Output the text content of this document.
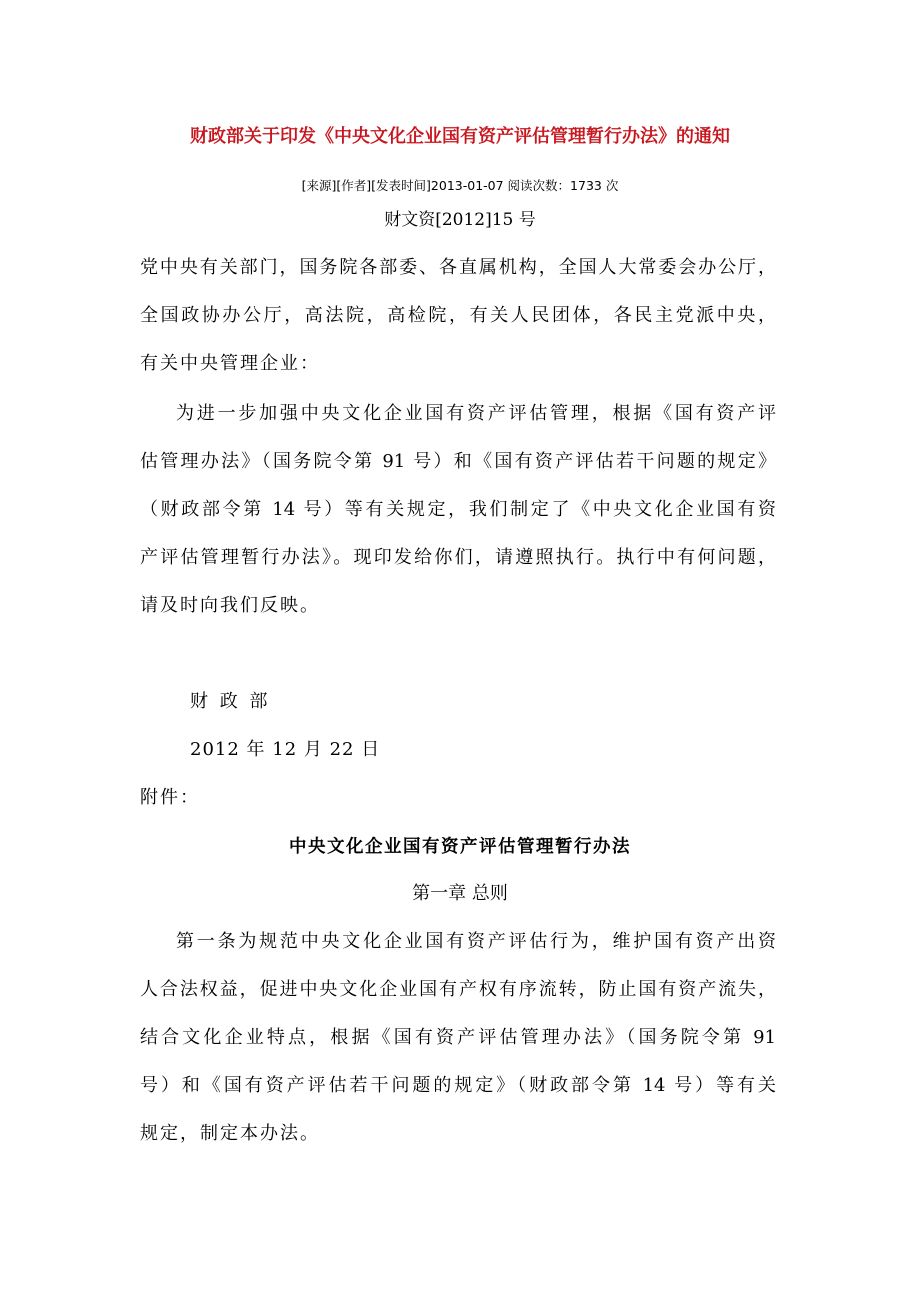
财政部关于印发《中央文化企业国有资产评估管理暂行办法》的通知
[来源][作者][发表时间]2013-01-07 阅读次数：1733 次
财文资[2012]15 号
党中央有关部门，国务院各部委、各直属机构，全国人大常委会办公厅，
全国政协办公厅，高法院，高检院，有关人民团体，各民主党派中央，
有关中央管理企业：
为进一步加强中央文化企业国有资产评估管理，根据《国有资产评
估管理办法》（国务院令第 91 号）和《国有资产评估若干问题的规定》
（财政部令第 14 号）等有关规定，我们制定了《中央文化企业国有资
产评估管理暂行办法》。现印发给你们，请遵照执行。执行中有何问题，
请及时向我们反映。
财 政 部
2012 年 12 月 22 日
附件：
中央文化企业国有资产评估管理暂行办法
第一章 总则
第一条为规范中央文化企业国有资产评估行为，维护国有资产出资
人合法权益，促进中央文化企业国有产权有序流转，防止国有资产流失，
结合文化企业特点，根据《国有资产评估管理办法》（国务院令第 91
号）和《国有资产评估若干问题的规定》（财政部令第 14 号）等有关
规定，制定本办法。
